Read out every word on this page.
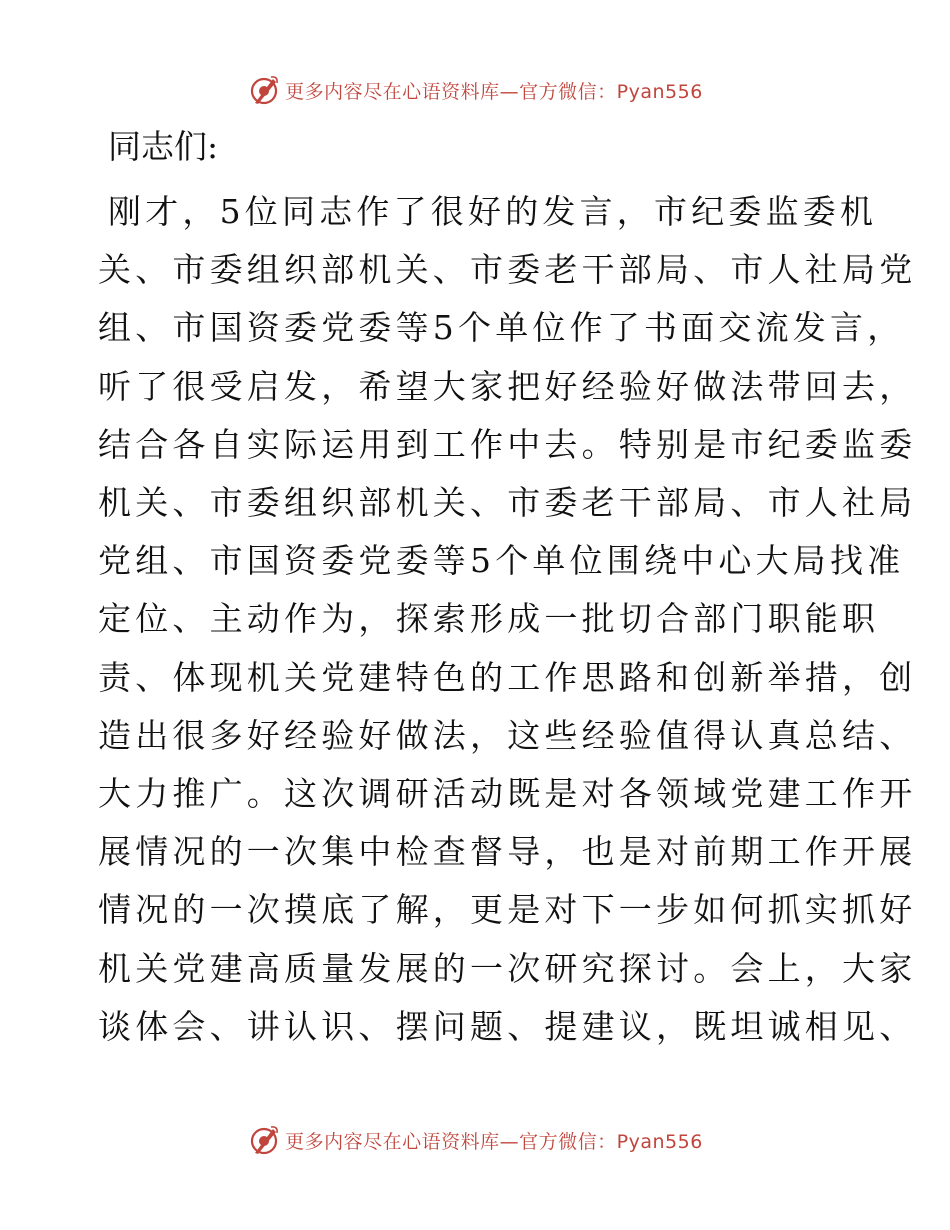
更多内容尽在心语资料库—官方微信：Pyan556

同志们:

刚才，5位同志作了很好的发言，市纪委监委机
关、市委组织部机关、市委老干部局、市人社局党
组、市国资委党委等5个单位作了书面交流发言，
听了很受启发，希望大家把好经验好做法带回去，
结合各自实际运用到工作中去。特别是市纪委监委
机关、市委组织部机关、市委老干部局、市人社局
党组、市国资委党委等5个单位围绕中心大局找准
定位、主动作为，探索形成一批切合部门职能职
责、体现机关党建特色的工作思路和创新举措，创
造出很多好经验好做法，这些经验值得认真总结、
大力推广。这次调研活动既是对各领域党建工作开
展情况的一次集中检查督导，也是对前期工作开展
情况的一次摸底了解，更是对下一步如何抓实抓好
机关党建高质量发展的一次研究探讨。会上，大家
谈体会、讲认识、摆问题、提建议，既坦诚相见、

更多内容尽在心语资料库—官方微信：Pyan556
